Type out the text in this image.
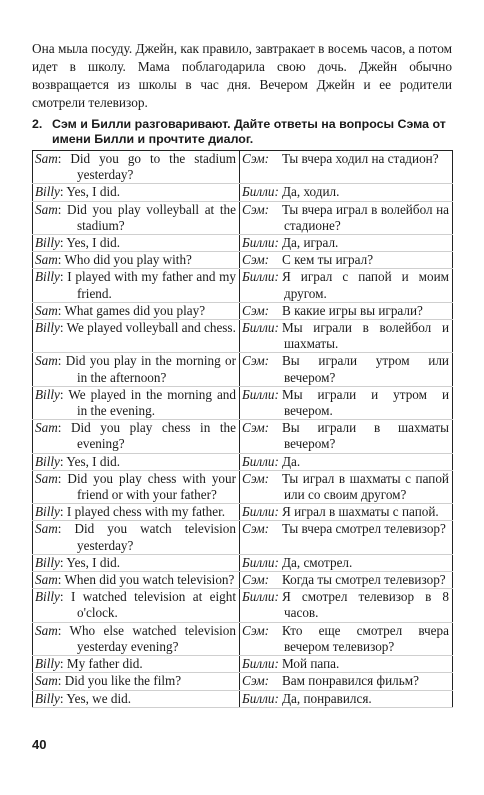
Она мыла посуду. Джейн, как правило, завтракает в восемь часов, а потом идет в школу. Мама поблагодарила свою дочь. Джейн обычно возвращается из школы в час дня. Вечером Джейн и ее родители смотрели телевизор.
2. Сэм и Билли разговаривают. Дайте ответы на вопросы Сэма от имени Билли и прочтите диалог.
Sam: Did you go to the stadium yesterday?	Сэм: Ты вчера ходил на стадион?

Billy: Yes, I did.	Билли: Да, ходил.

Sam: Did you play volleyball at the stadium?	Сэм: Ты вчера играл в волейбол на стадионе?

Billy: Yes, I did.	Билли: Да, играл.

Sam: Who did you play with?	Сэм: С кем ты играл?

Billy: I played with my father and my friend.	Билли: Я играл с папой и моим другом.

Sam: What games did you play?	Сэм: В какие игры вы играли?

Billy: We played volleyball and chess.	Билли: Мы играли в волейбол и шахматы.

Sam: Did you play in the morning or in the afternoon?	Сэм: Вы играли утром или вечером?

Billy: We played in the morning and in the evening.	Билли: Мы играли и утром и вечером.

Sam: Did you play chess in the evening?	Сэм: Вы играли в шахматы вечером?

Billy: Yes, I did.	Билли: Да.

Sam: Did you play chess with your friend or with your father?	Сэм: Ты играл в шахматы с папой или со своим другом?

Billy: I played chess with my father.	Билли: Я играл в шахматы с папой.

Sam: Did you watch television yesterday?	Сэм: Ты вчера смотрел телевизор?

Billy: Yes, I did.	Билли: Да, смотрел.

Sam: When did you watch television?	Сэм: Когда ты смотрел телевизор?

Billy: I watched television at eight o'clock.	Билли: Я смотрел телевизор в 8 часов.

Sam: Who else watched television yesterday evening?	Сэм: Кто еще смотрел вчера вечером телевизор?

Billy: My father did.	Билли: Мой папа.

Sam: Did you like the film?	Сэм: Вам понравился фильм?

Billy: Yes, we did.	Билли: Да, понравился.
40
